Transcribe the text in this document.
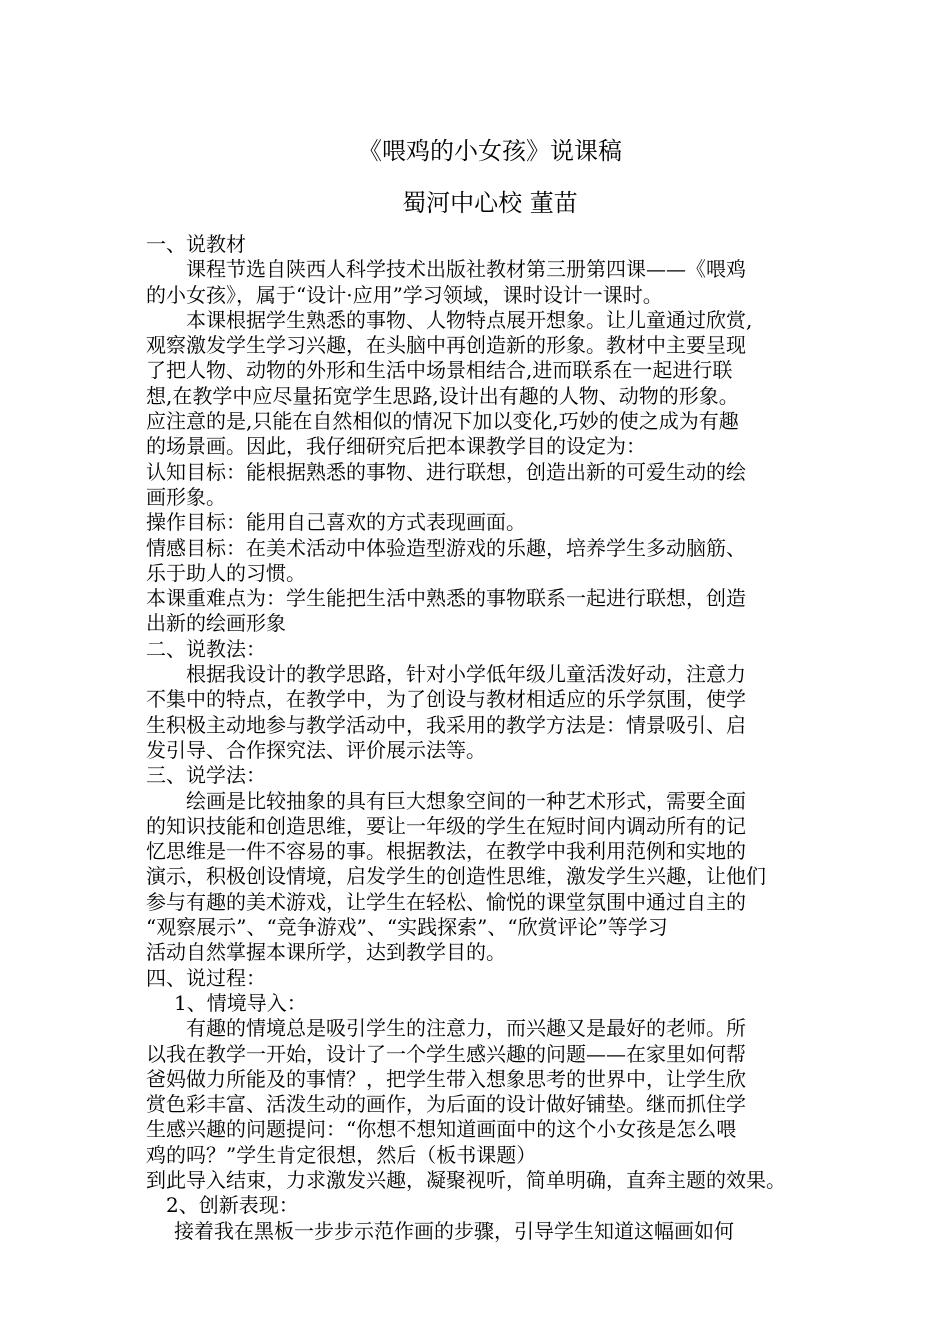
《喂鸡的小女孩》说课稿
蜀河中心校 董苗
一、说教材
课程节选自陕西人科学技术出版社教材第三册第四课——《喂鸡
的小女孩》，属于“设计·应用”学习领域，课时设计一课时。
本课根据学生熟悉的事物、人物特点展开想象。让儿童通过欣赏,
观察激发学生学习兴趣，在头脑中再创造新的形象。教材中主要呈现
了把人物、动物的外形和生活中场景相结合,进而联系在一起进行联
想,在教学中应尽量拓宽学生思路,设计出有趣的人物、动物的形象。
应注意的是,只能在自然相似的情况下加以变化,巧妙的使之成为有趣
的场景画。因此，我仔细研究后把本课教学目的设定为：
认知目标：能根据熟悉的事物、进行联想，创造出新的可爱生动的绘
画形象。
操作目标：能用自己喜欢的方式表现画面。
情感目标：在美术活动中体验造型游戏的乐趣，培养学生多动脑筋、
乐于助人的习惯。
本课重难点为：学生能把生活中熟悉的事物联系一起进行联想，创造
出新的绘画形象
二、说教法：
根据我设计的教学思路，针对小学低年级儿童活泼好动，注意力
不集中的特点，在教学中，为了创设与教材相适应的乐学氛围，使学
生积极主动地参与教学活动中，我采用的教学方法是：情景吸引、启
发引导、合作探究法、评价展示法等。
三、说学法：
绘画是比较抽象的具有巨大想象空间的一种艺术形式，需要全面
的知识技能和创造思维，要让一年级的学生在短时间内调动所有的记
忆思维是一件不容易的事。根据教法，在教学中我利用范例和实地的
演示，积极创设情境，启发学生的创造性思维，激发学生兴趣，让他们
参与有趣的美术游戏，让学生在轻松、愉悦的课堂氛围中通过自主的
“观察展示”、“竞争游戏”、“实践探索”、“欣赏评论”等学习
活动自然掌握本课所学，达到教学目的。
四、说过程：
1、情境导入：
有趣的情境总是吸引学生的注意力，而兴趣又是最好的老师。所
以我在教学一开始，设计了一个学生感兴趣的问题——在家里如何帮
爸妈做力所能及的事情？，把学生带入想象思考的世界中，让学生欣
赏色彩丰富、活泼生动的画作，为后面的设计做好铺垫。继而抓住学
生感兴趣的问题提问：“你想不想知道画面中的这个小女孩是怎么喂
鸡的吗？”学生肯定很想，然后（板书课题）
到此导入结束，力求激发兴趣，凝聚视听，简单明确，直奔主题的效果。
2、创新表现：
接着我在黑板一步步示范作画的步骤，引导学生知道这幅画如何
